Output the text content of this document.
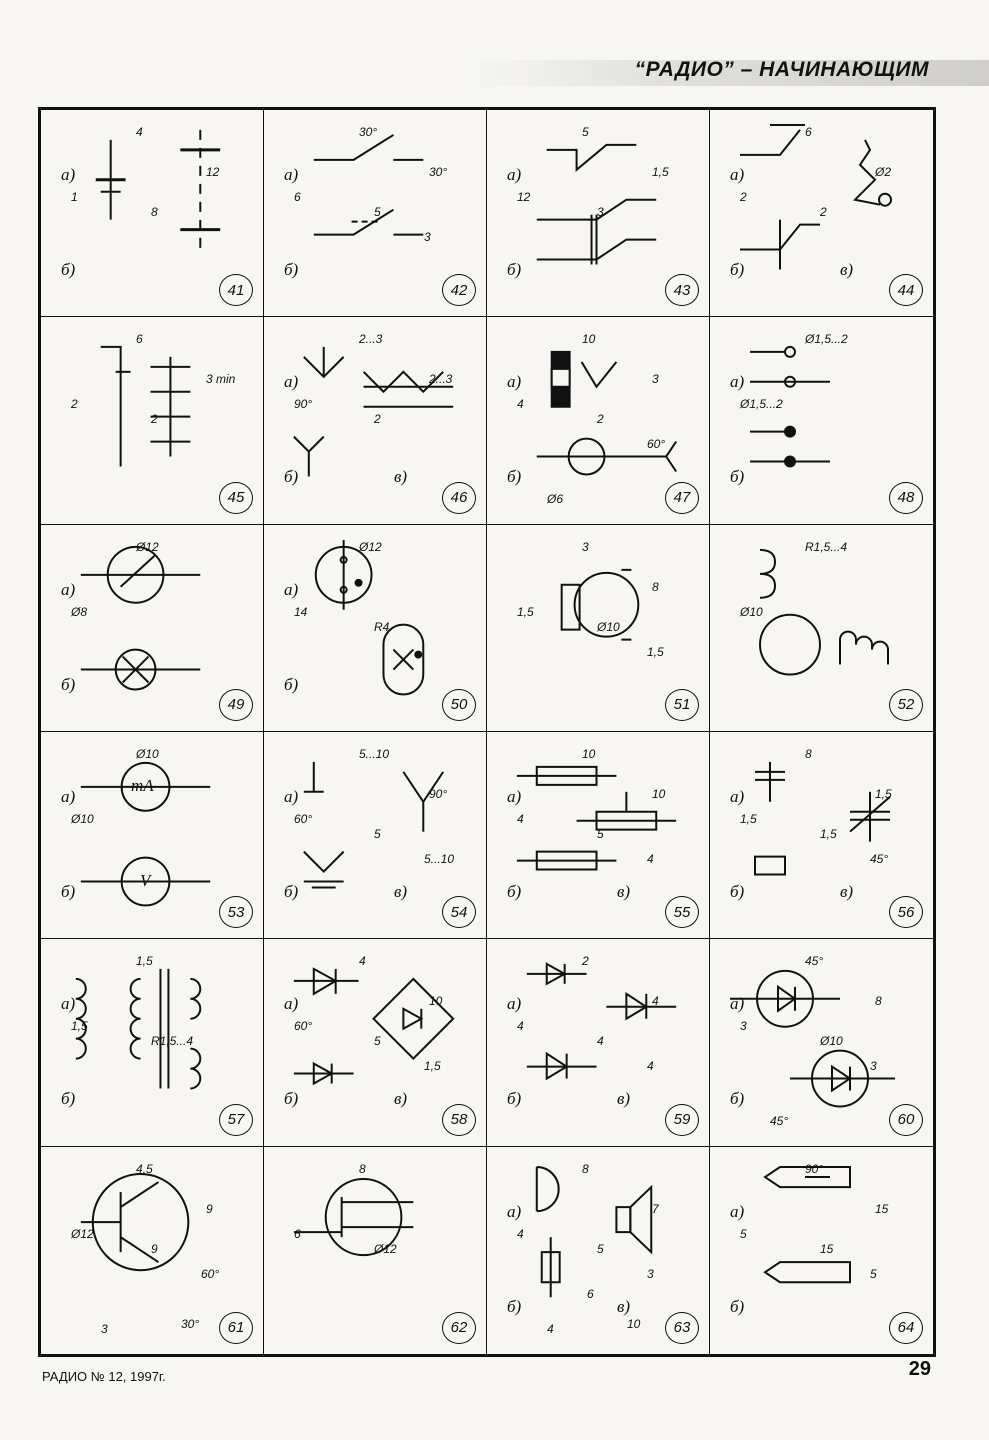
“РАДИО” – НАЧИНАЮЩИМ
а)
б)
4
1
8
12
41
а)
б)
30°
6
5
30°
3
42
а)
б)
5
12
3
1,5
43
а)
б)	в)
6
2
2
Ø2
44
6
2
2
3 min
45
а)
б)	в)
2...3
90°
2
2...3
46
а)
б)
10
4
2
3
60°
Ø6	47
а)
б)
Ø1,5...2
Ø1,5...2
48
а)
б)
Ø12
Ø8
49
а)
б)
Ø12
14
R4
50
3
1,5
Ø10
8
1,5
51
R1,5...4
Ø10
52
а)
б)
Ø10
Ø10
mA
V
53
а)
б)	в)
5...10
60°
5
90°
5...10
54
а)
б)	в)
10
4
5
10
4
55
а)
б)	в)
8
1,5
1,5
1,5
45°
56
а)
б)
1,5
1,5
R1,5...4
57
а)
б)	в)
4
60°
5
10
1,5
58
а)
б)	в)
2
4
4
4
4
59
а)
б)
45°
3
Ø10
8
3
45°	60
4,5
Ø12
9
9
60°
3	30°	61
8
6
Ø12
62
а)
б)	в)
8
4
5
7
3
4	10
6
63
а)
б)
90°
5
15
15
5
64
РАДИО № 12, 1997г.	29
